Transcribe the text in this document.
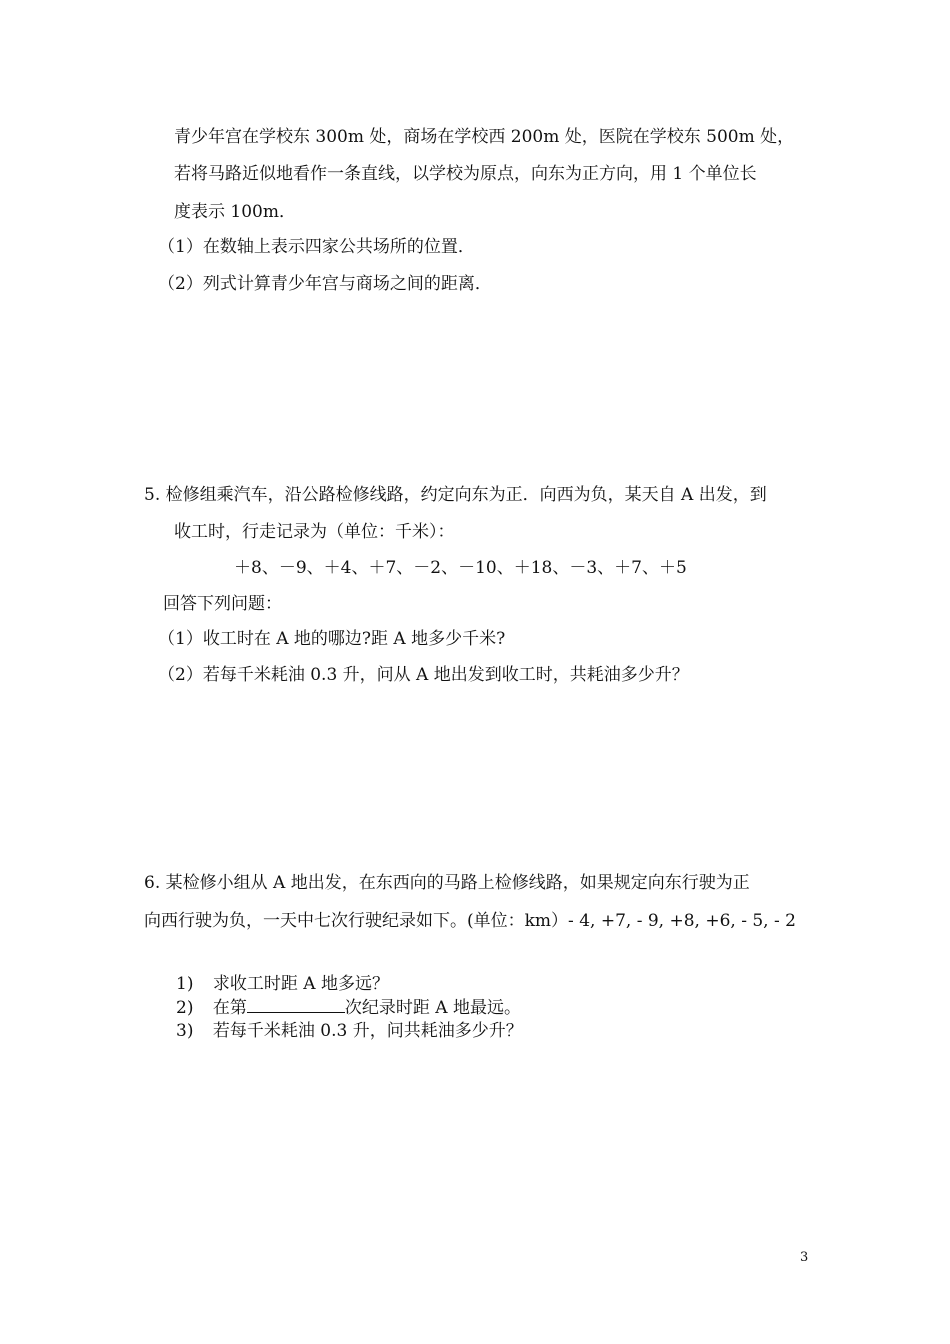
青少年宫在学校东 300m 处，商场在学校西 200m 处，医院在学校东 500m 处，
若将马路近似地看作一条直线，以学校为原点，向东为正方向，用 1 个单位长
度表示 100m．
（1）在数轴上表示四家公共场所的位置．
（2）列式计算青少年宫与商场之间的距离．
5. 检修组乘汽车，沿公路检修线路，约定向东为正．向西为负，某天自 A 出发，到
收工时，行走记录为（单位：千米）：
＋8、－9、＋4、＋7、－2、－10、＋18、－3、＋7、＋5
回答下列问题：
（1）收工时在 A 地的哪边?距 A 地多少千米?
（2）若每千米耗油 0.3 升，问从 A 地出发到收工时，共耗油多少升？
6. 某检修小组从 A 地出发，在东西向的马路上检修线路，如果规定向东行驶为正
向西行驶为负，一天中七次行驶纪录如下。(单位：km）- 4, +7, - 9, +8, +6, - 5, - 2
1) 求收工时距 A 地多远？
2) 在第	次纪录时距 A 地最远。
3) 若每千米耗油 0.3 升，问共耗油多少升？
3
